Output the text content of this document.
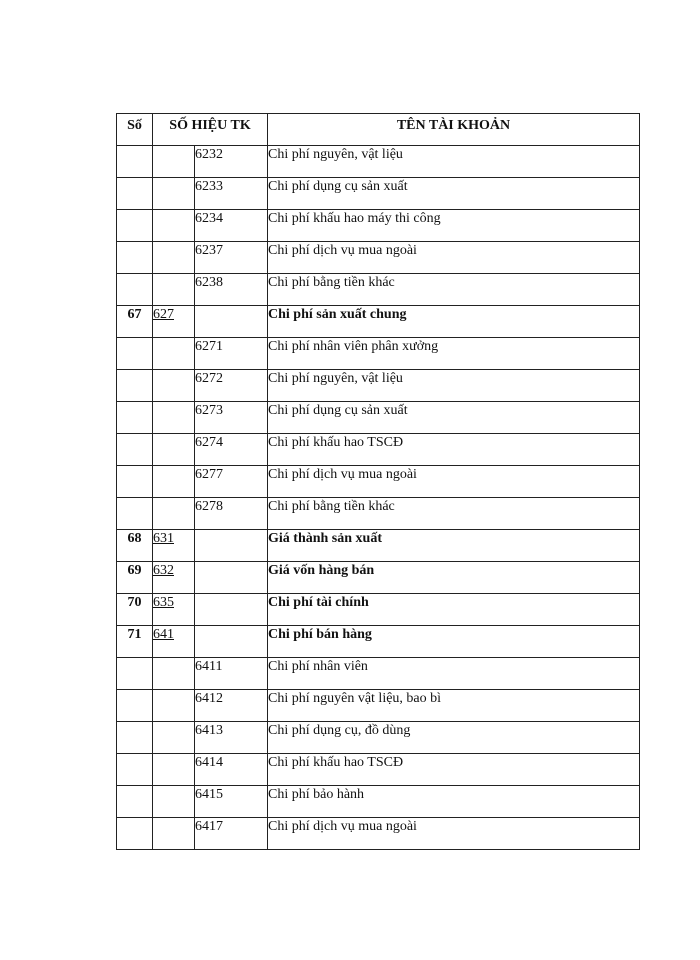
Số	SỐ HIỆU TK		TÊN TÀI KHOẢN
		6232	Chi phí nguyên, vật liệu
		6233	Chi phí dụng cụ sản xuất
		6234	Chi phí khấu hao máy thi công
		6237	Chi phí dịch vụ mua ngoài
		6238	Chi phí bằng tiền khác
67	627		Chi phí sản xuất chung
		6271	Chi phí nhân viên phân xưởng
		6272	Chi phí nguyên, vật liệu
		6273	Chi phí dụng cụ sản xuất
		6274	Chi phí khấu hao TSCĐ
		6277	Chi phí dịch vụ mua ngoài
		6278	Chi phí bằng tiền khác
68	631		Giá thành sản xuất
69	632		Giá vốn hàng bán
70	635		Chi phí tài chính
71	641		Chi phí bán hàng
		6411	Chi phí nhân viên
		6412	Chi phí nguyên vật liệu, bao bì
		6413	Chi phí dụng cụ, đồ dùng
		6414	Chi phí khấu hao TSCĐ
		6415	Chi phí bảo hành
		6417	Chi phí dịch vụ mua ngoài
